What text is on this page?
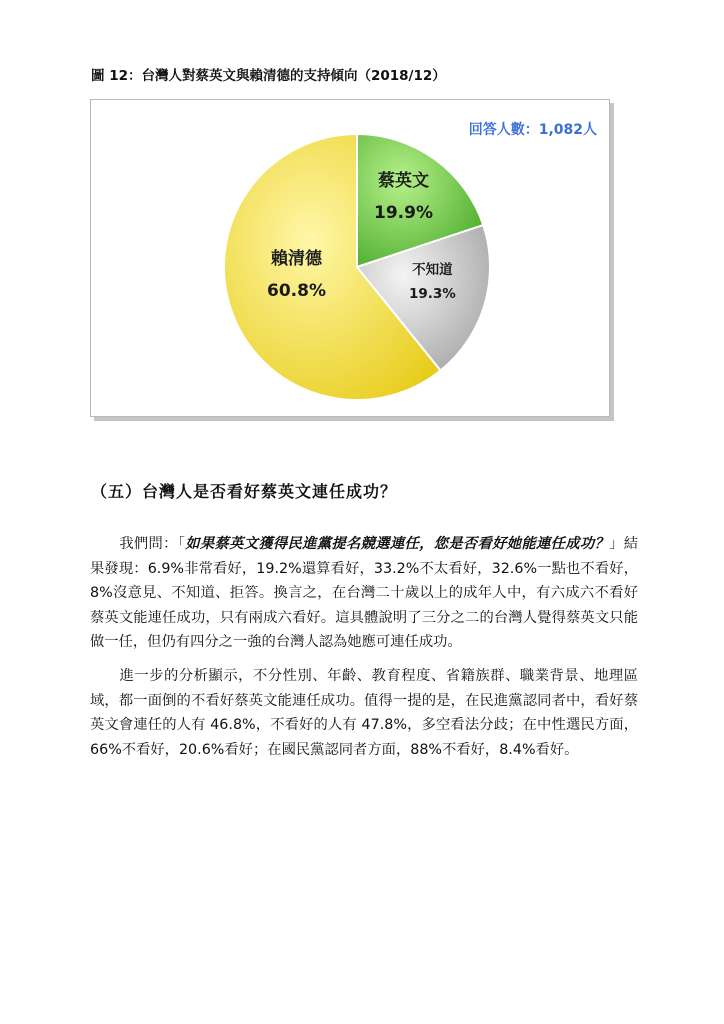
圖 12：台灣人對蔡英文與賴清德的支持傾向（2018/12）
回答人數：1,082人
蔡英文
19.9%
不知道
19.3%
賴清德
60.8%
（五）台灣人是否看好蔡英文連任成功？

我們問：「如果蔡英文獲得民進黨提名競選連任，您是否看好她能連任成功？」結果發現：6.9%非常看好，19.2%還算看好，33.2%不太看好，32.6%一點也不看好，8%沒意見、不知道、拒答。換言之，在台灣二十歲以上的成年人中，有六成六不看好蔡英文能連任成功，只有兩成六看好。這具體說明了三分之二的台灣人覺得蔡英文只能做一任，但仍有四分之一強的台灣人認為她應可連任成功。

進一步的分析顯示，不分性別、年齡、教育程度、省籍族群、職業背景、地理區域，都一面倒的不看好蔡英文能連任成功。值得一提的是，在民進黨認同者中，看好蔡英文會連任的人有 46.8%，不看好的人有 47.8%，多空看法分歧；在中性選民方面，66%不看好，20.6%看好；在國民黨認同者方面，88%不看好，8.4%看好。
